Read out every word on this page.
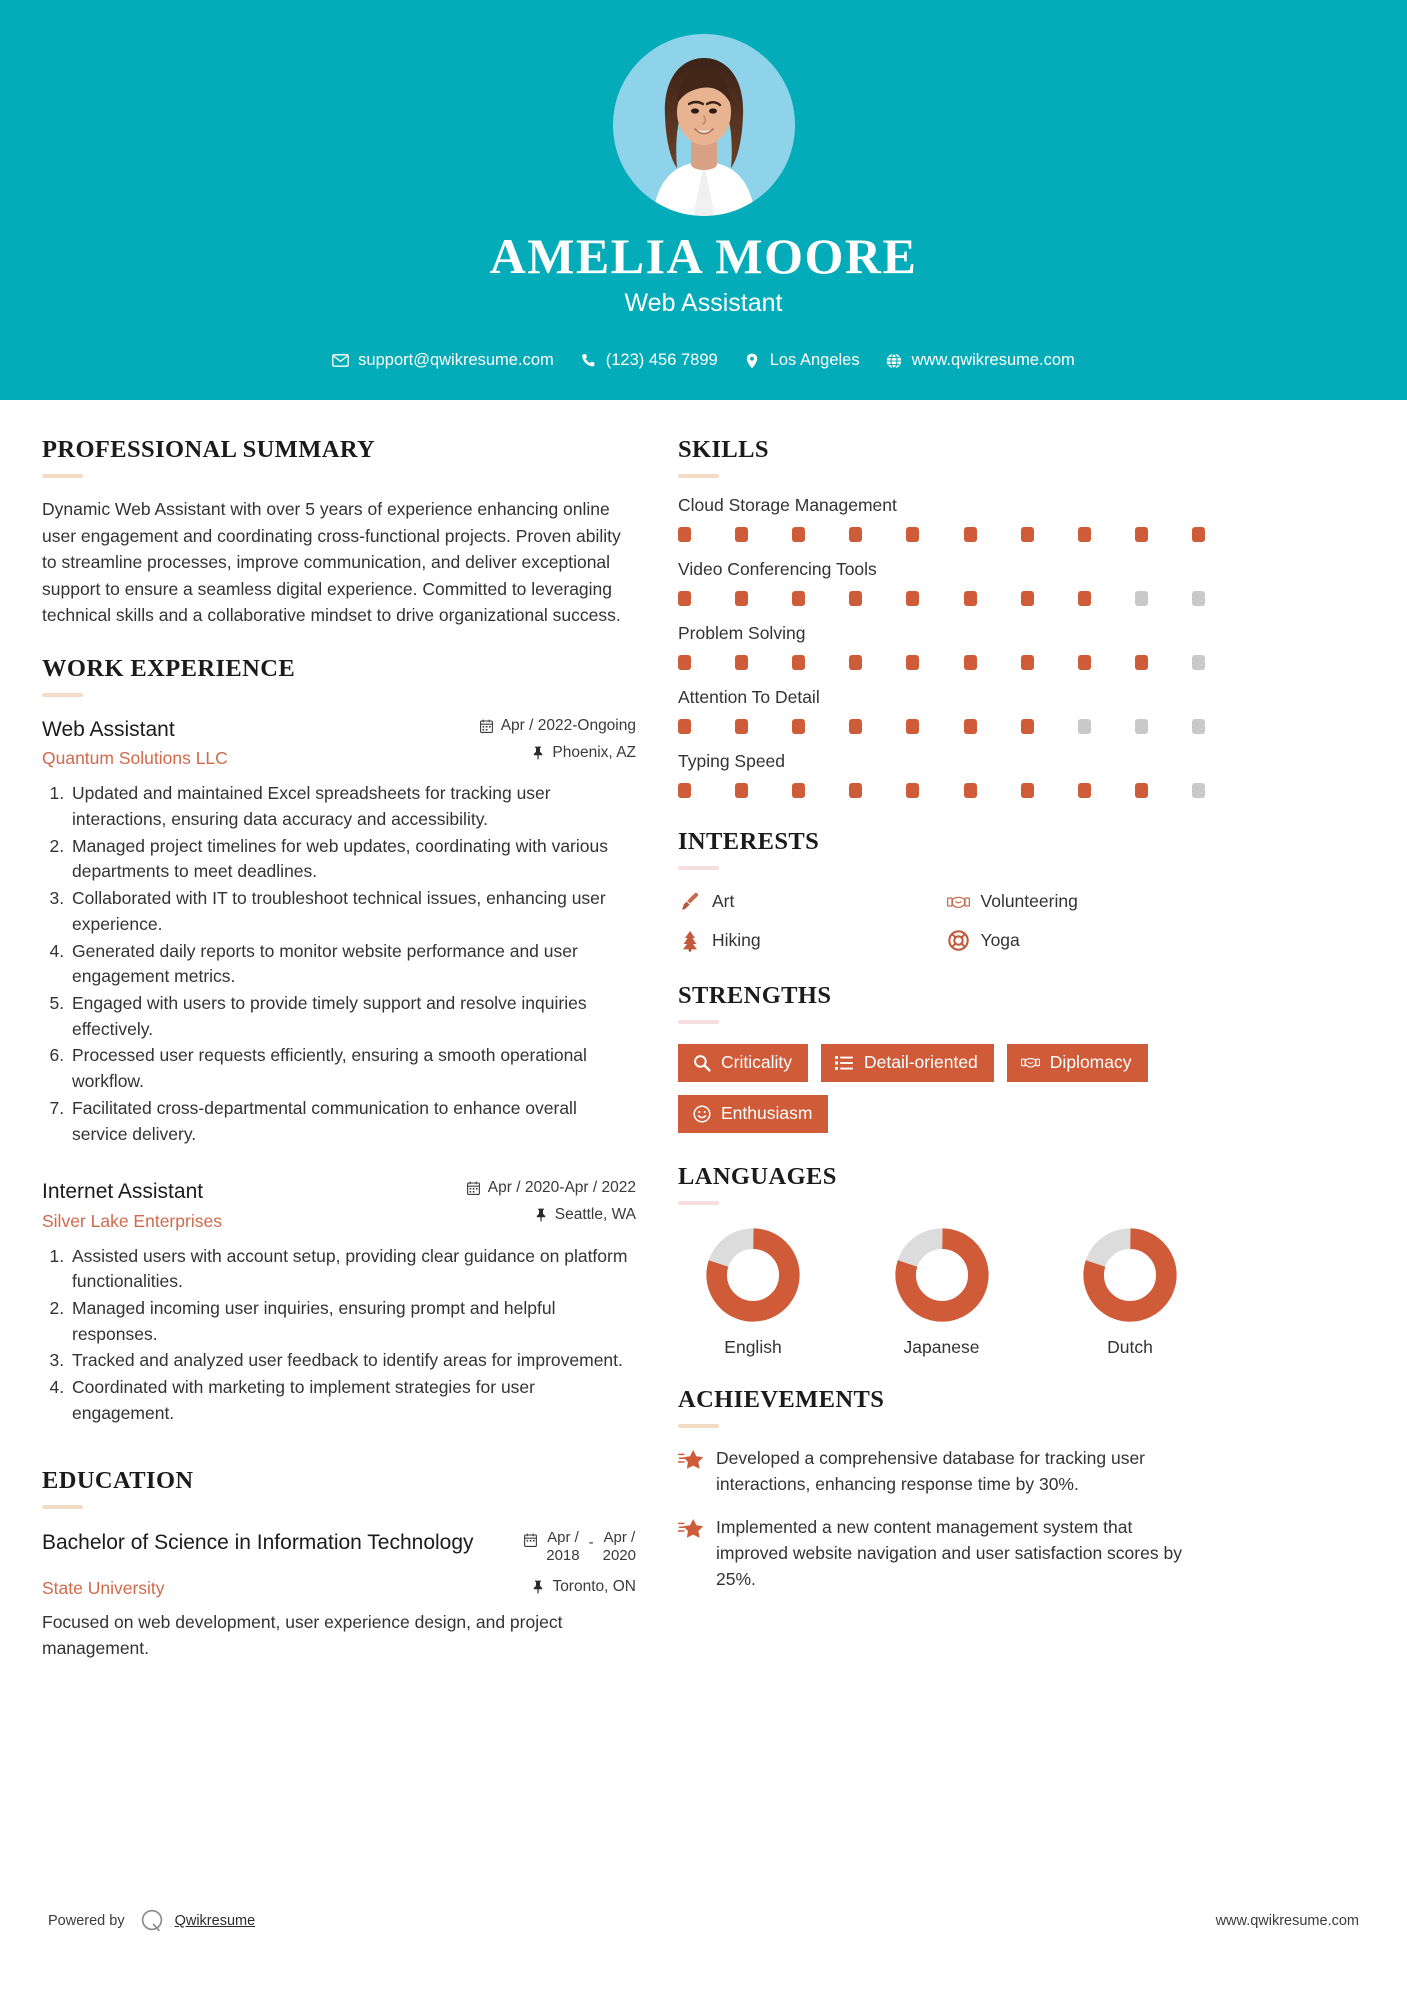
AMELIA MOORE
Web Assistant
support@qwikresume.com	(123) 456 7899	Los Angeles	www.qwikresume.com
PROFESSIONAL SUMMARY
Dynamic Web Assistant with over 5 years of experience enhancing online user engagement and coordinating cross-functional projects. Proven ability to streamline processes, improve communication, and deliver exceptional support to ensure a seamless digital experience. Committed to leveraging technical skills and a collaborative mindset to drive organizational success.
WORK EXPERIENCE
Web Assistant
Quantum Solutions LLC
Apr / 2022-Ongoing
Phoenix, AZ
1. Updated and maintained Excel spreadsheets for tracking user interactions, ensuring data accuracy and accessibility.
2. Managed project timelines for web updates, coordinating with various departments to meet deadlines.
3. Collaborated with IT to troubleshoot technical issues, enhancing user experience.
4. Generated daily reports to monitor website performance and user engagement metrics.
5. Engaged with users to provide timely support and resolve inquiries effectively.
6. Processed user requests efficiently, ensuring a smooth operational workflow.
7. Facilitated cross-departmental communication to enhance overall service delivery.
Internet Assistant
Silver Lake Enterprises
Apr / 2020-Apr / 2022
Seattle, WA
1. Assisted users with account setup, providing clear guidance on platform functionalities.
2. Managed incoming user inquiries, ensuring prompt and helpful responses.
3. Tracked and analyzed user feedback to identify areas for improvement.
4. Coordinated with marketing to implement strategies for user engagement.
EDUCATION
Bachelor of Science in Information Technology	Apr /
2018
- Apr /
2020
State University	Toronto, ON
Focused on web development, user experience design, and project management.
SKILLS
Cloud Storage Management
Video Conferencing Tools
Problem Solving
Attention To Detail
Typing Speed
INTERESTS
Art	Volunteering
Hiking	Yoga
STRENGTHS
Criticality	Detail-oriented	Diplomacy
Enthusiasm
LANGUAGES
English	Japanese	Dutch
ACHIEVEMENTS
Developed a comprehensive database for tracking user interactions, enhancing response time by 30%.
Implemented a new content management system that improved website navigation and user satisfaction scores by 25%.
Powered by	Qwikresume	www.qwikresume.com
